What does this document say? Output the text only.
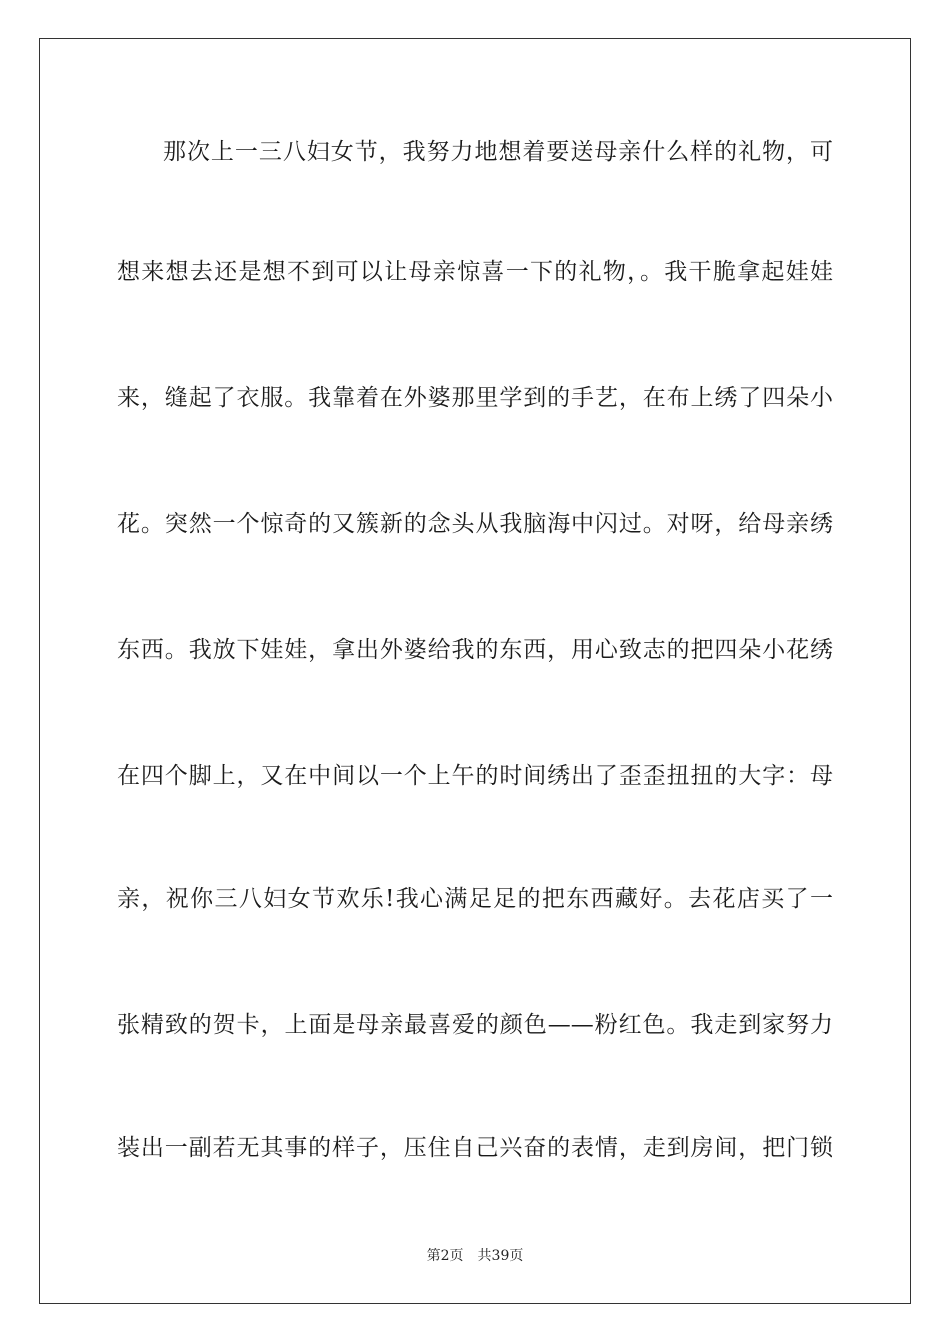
那次上一三八妇女节，我努力地想着要送母亲什么样的礼物，可
想来想去还是想不到可以让母亲惊喜一下的礼物，。我干脆拿起娃娃
来，缝起了衣服。我靠着在外婆那里学到的手艺，在布上绣了四朵小
花。突然一个惊奇的又簇新的念头从我脑海中闪过。对呀，给母亲绣
东西。我放下娃娃，拿出外婆给我的东西，用心致志的把四朵小花绣
在四个脚上，又在中间以一个上午的时间绣出了歪歪扭扭的大字：母
亲，祝你三八妇女节欢乐!我心满足足的把东西藏好。去花店买了一
张精致的贺卡，上面是母亲最喜爱的颜色——粉红色。我走到家努力
装出一副若无其事的样子，压住自己兴奋的表情，走到房间，把门锁
第2页 共39页
